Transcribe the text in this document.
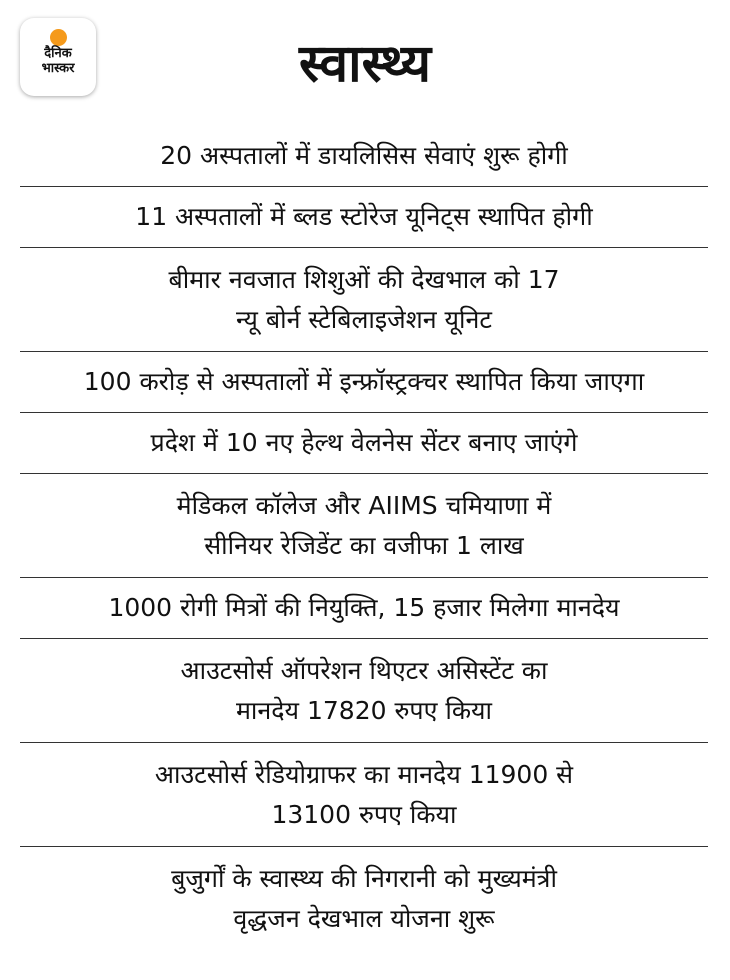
दैनिक
भास्कर	स्वास्थ्य
20 अस्पतालों में डायलिसिस सेवाएं शुरू होगी
11 अस्पतालों में ब्लड स्टोरेज यूनिट्स स्थापित होगी
बीमार नवजात शिशुओं की देखभाल को 17
न्यू बोर्न स्टेबिलाइजेशन यूनिट
100 करोड़ से अस्पतालों में इन्फ्रॉस्ट्रक्चर स्थापित किया जाएगा
प्रदेश में 10 नए हेल्थ वेलनेस सेंटर बनाए जाएंगे
मेडिकल कॉलेज और AIIMS चमियाणा में
सीनियर रेजिडेंट का वजीफा 1 लाख
1000 रोगी मित्रों की नियुक्ति, 15 हजार मिलेगा मानदेय
आउटसोर्स ऑपरेशन थिएटर असिस्टेंट का
मानदेय 17820 रुपए किया
आउटसोर्स रेडियोग्राफर का मानदेय 11900 से
13100 रुपए किया
बुजुर्गों के स्वास्थ्य की निगरानी को मुख्यमंत्री
वृद्धजन देखभाल योजना शुरू
